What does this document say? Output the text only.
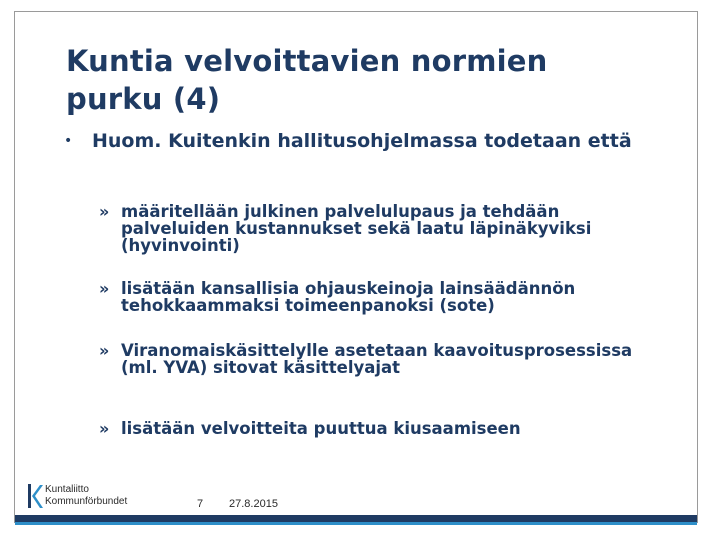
Kuntia velvoittavien normien purku (4)
• Huom. Kuitenkin hallitusohjelmassa todetaan että
» määritellään julkinen palvelulupaus ja tehdään palveluiden kustannukset sekä laatu läpinäkyviksi (hyvinvointi)
» lisätään kansallisia ohjauskeinoja lainsäädännön tehokkaammaksi toimeenpanoksi (sote)
» Viranomaiskäsittelylle asetetaan kaavoitusprosessissa (ml. YVA) sitovat käsittelyajat
» lisätään velvoitteita puuttua kiusaamiseen
Kuntaliitto
Kommunförbundet	7 27.8.2015
